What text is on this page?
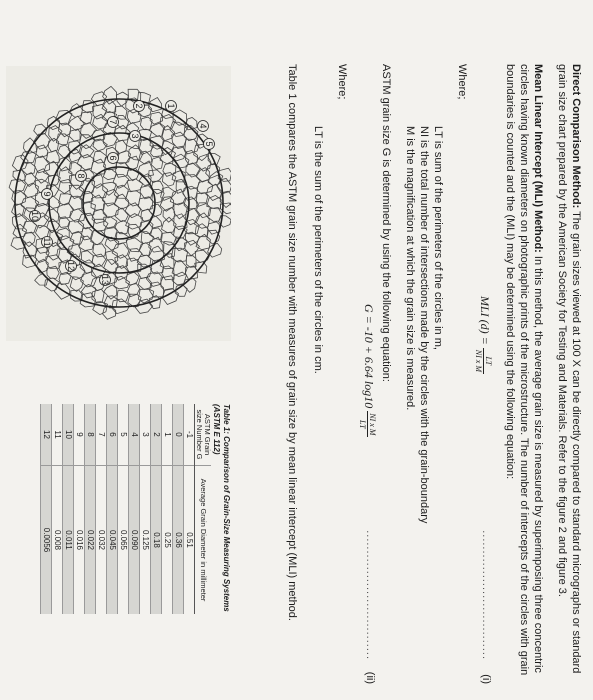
Direct Comparison Method: The grain sizes viewed at 100 X can be directly compared to standard micrographs or standard grain size chart prepared by the American Society for Testing and Materials. Refer to the figure 2 and figure 3.

Mean Linear Intercept (MLI) Method: In this method, the average grain size is measured by superimposing three concentric circles having known diameters on photographic prints of the microstructure. The number of intercepts of the circles with grain boundaries is counted and the (MLI) may be determined using the following equation:

MLI (d) =
LT
NI x M
................................
(i)

Where;

LT is sum of the perimeters of the circles in m,
NI is the total number of intersections made by the circles with the grain-boundary
M is the magnification at which the grain size is measured.

ASTM grain size G is determined by using the following equation:

G = -10 + 6.64 log10
NI x M
LT
................................
(ii)

Where;

LT is the sum of the perimeters of the circles in cm.

Table 1 compares the ASTM grain size number with measures of grain size by mean linear intercept (MLI) method.

4
5
1
2
7
3
6
8
9
10
11
12
13
Table 1: Comparison of Grain-Size Measuring Systems (ASTM E 112)
ASTM Grain size Number G	Average Grain Diameter in millimeter
-1	0.51
0	0.36
1	0.25
2	0.18
3	0.125
4	0.090
5	0.065
6	0.045
7	0.032
8	0.022
9	0.016
10	0.011
11	0.008
12	0.0056
